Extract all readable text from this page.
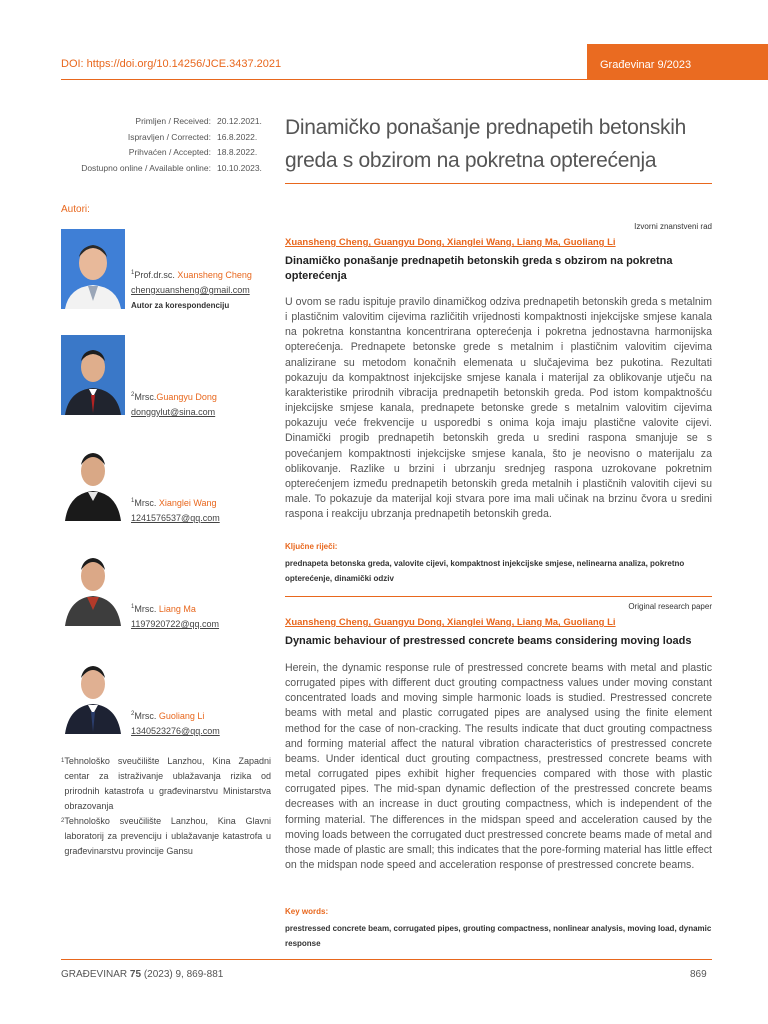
DOI: https://doi.org/10.14256/JCE.3437.2021	Građevinar 9/2023
Primljen / Received: 20.12.2021.
Ispravljen / Corrected: 16.8.2022.
Prihvaćen / Accepted: 18.8.2022.
Dostupno online / Available online: 10.10.2023.
Dinamičko ponašanje prednapetih betonskih greda s obzirom na pokretna opterećenja
Autori:
$^1$Prof.dr.sc. Xuansheng Cheng
chengxuansheng@gmail.com
Autor za korespondenciju
$^2$Mrsc.Guangyu Dong
donggylut@sina.com
$^1$Mrsc. Xianglei Wang
1241576537@qq.com
$^1$Mrsc. Liang Ma
1197920722@qq.com
$^2$Mrsc. Guoliang Li
1340523276@qq.com
1 Tehnološko sveučilište Lanzhou, Kina Zapadni centar za istraživanje ublažavanja rizika od prirodnih katastrofa u građevinarstvu Ministarstva obrazovanja
2 Tehnološko sveučilište Lanzhou, Kina Glavni laboratorij za prevenciju i ublažavanje katastrofa u građevinarstvu provincije Gansu
Izvorni znanstveni rad
Xuansheng Cheng, Guangyu Dong, Xianglei Wang, Liang Ma, Guoliang Li
Dinamičko ponašanje prednapetih betonskih greda s obzirom na pokretna opterećenja
U ovom se radu ispituje pravilo dinamičkog odziva prednapetih betonskih greda s metalnim i plastičnim valovitim cijevima različitih vrijednosti kompaktnosti injekcijske smjese kanala na pokretna konstantna koncentrirana opterećenja i pokretna jednostavna harmonijska opterećenja. Prednapete betonske grede s metalnim i plastičnim valovitim cijevima analizirane su metodom konačnih elemenata u slučajevima bez pukotina. Rezultati pokazuju da kompaktnost injekcijske smjese kanala i materijal za oblikovanje utječu na karakteristike prirodnih vibracija prednapetih betonskih greda. Pod istom kompaktnošću injekcijske smjese kanala, prednapete betonske grede s metalnim valovitim cijevima pokazuju veće frekvencije u usporedbi s onima koja imaju plastične valovite cijevi. Dinamički progib prednapetih betonskih greda u sredini raspona smanjuje se s povećanjem kompaktnosti injekcijske smjese kanala, što je neovisno o materijalu za oblikovanje. Razlike u brzini i ubrzanju srednjeg raspona uzrokovane pokretnim opterećenjem između prednapetih betonskih greda metalnih i plastičnih valovitih cijevi su male. To pokazuje da materijal koji stvara pore ima mali učinak na brzinu čvora u sredini raspona i reakciju ubrzanja prednapetih betonskih greda.
Ključne riječi:
prednapeta betonska greda, valovite cijevi, kompaktnost injekcijske smjese, nelinearna analiza, pokretno opterećenje, dinamički odziv
Original research paper
Xuansheng Cheng, Guangyu Dong, Xianglei Wang, Liang Ma, Guoliang Li
Dynamic behaviour of prestressed concrete beams considering moving loads
Herein, the dynamic response rule of prestressed concrete beams with metal and plastic corrugated pipes with different duct grouting compactness values under moving constant concentrated loads and moving simple harmonic loads is studied. Prestressed concrete beams with metal and plastic corrugated pipes are analysed using the finite element method for the case of non-cracking. The results indicate that duct grouting compactness and forming material affect the natural vibration characteristics of prestressed concrete beams. Under identical duct grouting compactness, prestressed concrete beams with metal corrugated pipes exhibit higher frequencies compared with those with plastic corrugated pipes. The mid-span dynamic deflection of the prestressed concrete beams decreases with an increase in duct grouting compactness, which is independent of the forming material. The differences in the midspan speed and acceleration caused by the moving loads between the corrugated duct prestressed concrete beams made of metal and those made of plastic are small; this indicates that the pore-forming material has little effect on the midspan node speed and acceleration response of prestressed concrete beams.
Key words:
prestressed concrete beam, corrugated pipes, grouting compactness, nonlinear analysis, moving load, dynamic response
GRAĐEVINAR 75 (2023) 9, 869-881	869
